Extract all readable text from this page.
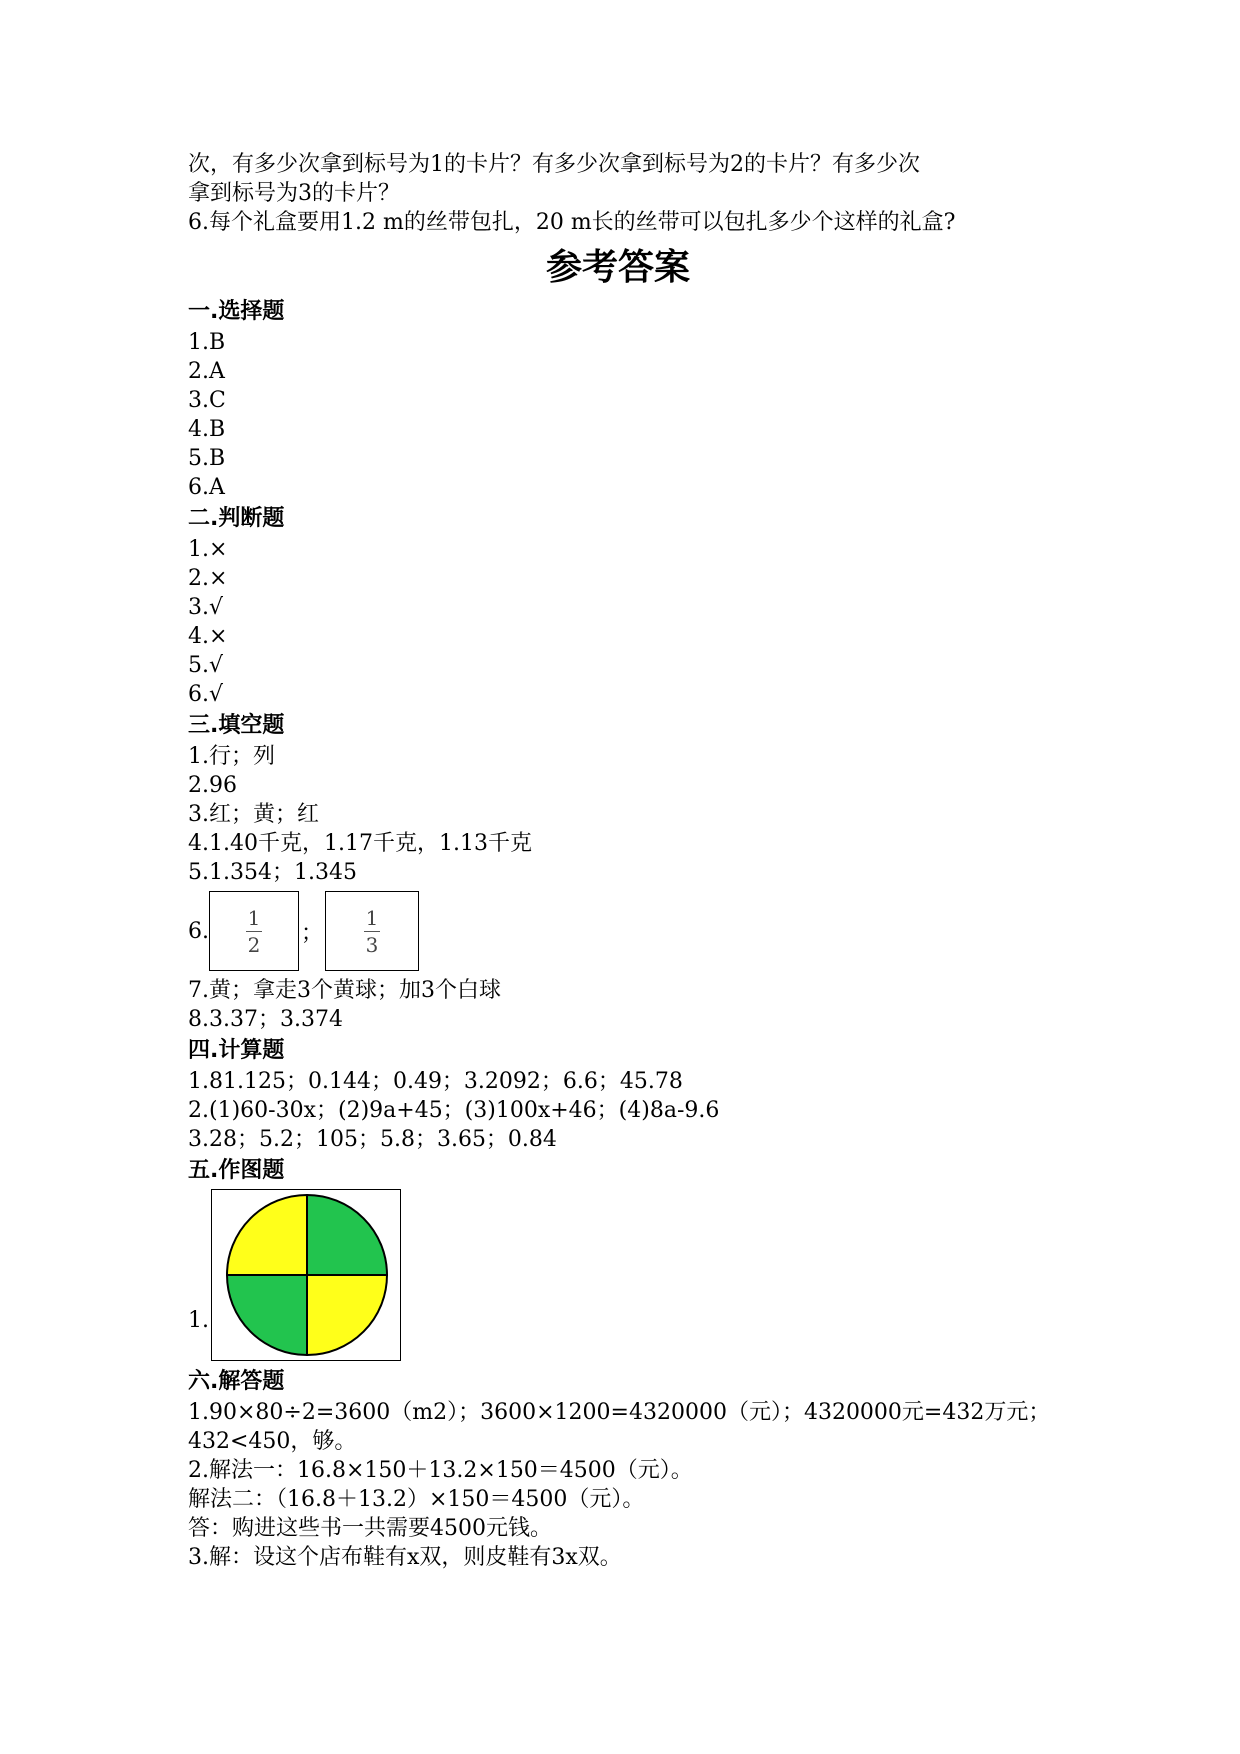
次，有多少次拿到标号为1的卡片？有多少次拿到标号为2的卡片？有多少次
拿到标号为3的卡片？
6.每个礼盒要用1.2 m的丝带包扎，20 m长的丝带可以包扎多少个这样的礼盒?
参考答案
一.选择题
1.B
2.A
3.C
4.B
5.B
6.A
二.判断题
1.×
2.×
3.√
4.×
5.√
6.√
三.填空题
1.行；列
2.96
3.红；黄；红
4.1.40千克，1.17千克，1.13千克
5.1.354；1.345
6. $\frac{1}{2}$ ； $\frac{1}{3}$
7.黄；拿走3个黄球；加3个白球
8.3.37；3.374
四.计算题
1.81.125；0.144；0.49；3.2092；6.6；45.78
2.(1)60-30x；(2)9a+45；(3)100x+46；(4)8a-9.6
3.28；5.2；105；5.8；3.65；0.84
五.作图题
1.
六.解答题
1.90×80÷2=3600（m2）；3600×1200=4320000（元）；4320000元=432万元；
432<450，够。
2.解法一：16.8×150＋13.2×150＝4500（元）。
解法二：（16.8＋13.2）×150＝4500（元）。
答：购进这些书一共需要4500元钱。
3.解：设这个店布鞋有x双，则皮鞋有3x双。
